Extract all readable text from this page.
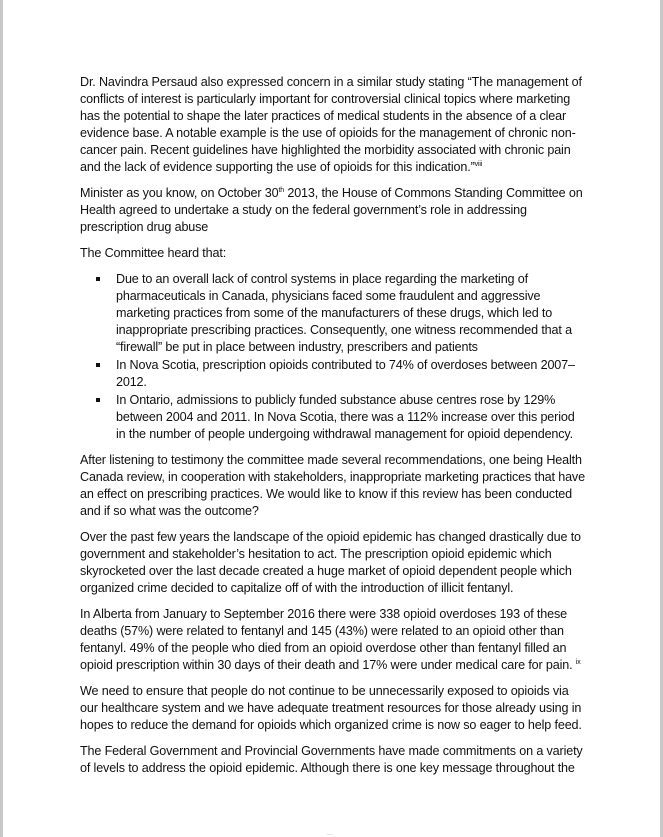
Dr. Navindra Persaud also expressed concern in a similar study stating “The management of conflicts of interest is particularly important for controversial clinical topics where marketing has the potential to shape the later practices of medical students in the absence of a clear evidence base. A notable example is the use of opioids for the management of chronic non-cancer pain. Recent guidelines have highlighted the morbidity associated with chronic pain and the lack of evidence supporting the use of opioids for this indication.”$^{viii}$

Minister as you know, on October 30th 2013, the House of Commons Standing Committee on Health agreed to undertake a study on the federal government’s role in addressing prescription drug abuse

The Committee heard that:

Due to an overall lack of control systems in place regarding the marketing of pharmaceuticals in Canada, physicians faced some fraudulent and aggressive marketing practices from some of the manufacturers of these drugs, which led to inappropriate prescribing practices. Consequently, one witness recommended that a “firewall” be put in place between industry, prescribers and patients
In Nova Scotia, prescription opioids contributed to 74% of overdoses between 2007–2012.
In Ontario, admissions to publicly funded substance abuse centres rose by 129% between 2004 and 2011. In Nova Scotia, there was a 112% increase over this period in the number of people undergoing withdrawal management for opioid dependency.

After listening to testimony the committee made several recommendations, one being Health Canada review, in cooperation with stakeholders, inappropriate marketing practices that have an effect on prescribing practices. We would like to know if this review has been conducted and if so what was the outcome?

Over the past few years the landscape of the opioid epidemic has changed drastically due to government and stakeholder’s hesitation to act. The prescription opioid epidemic which skyrocketed over the last decade created a huge market of opioid dependent people which organized crime decided to capitalize off of with the introduction of illicit fentanyl.

In Alberta from January to September 2016 there were 338 opioid overdoses 193 of these deaths (57%) were related to fentanyl and 145 (43%) were related to an opioid other than fentanyl. 49% of the people who died from an opioid overdose other than fentanyl filled an opioid prescription within 30 days of their death and 17% were under medical care for pain. $^{ix}$

We need to ensure that people do not continue to be unnecessarily exposed to opioids via our healthcare system and we have adequate treatment resources for those already using in hopes to reduce the demand for opioids which organized crime is now so eager to help feed.

The Federal Government and Provincial Governments have made commitments on a variety of levels to address the opioid epidemic. Although there is one key message throughout the
